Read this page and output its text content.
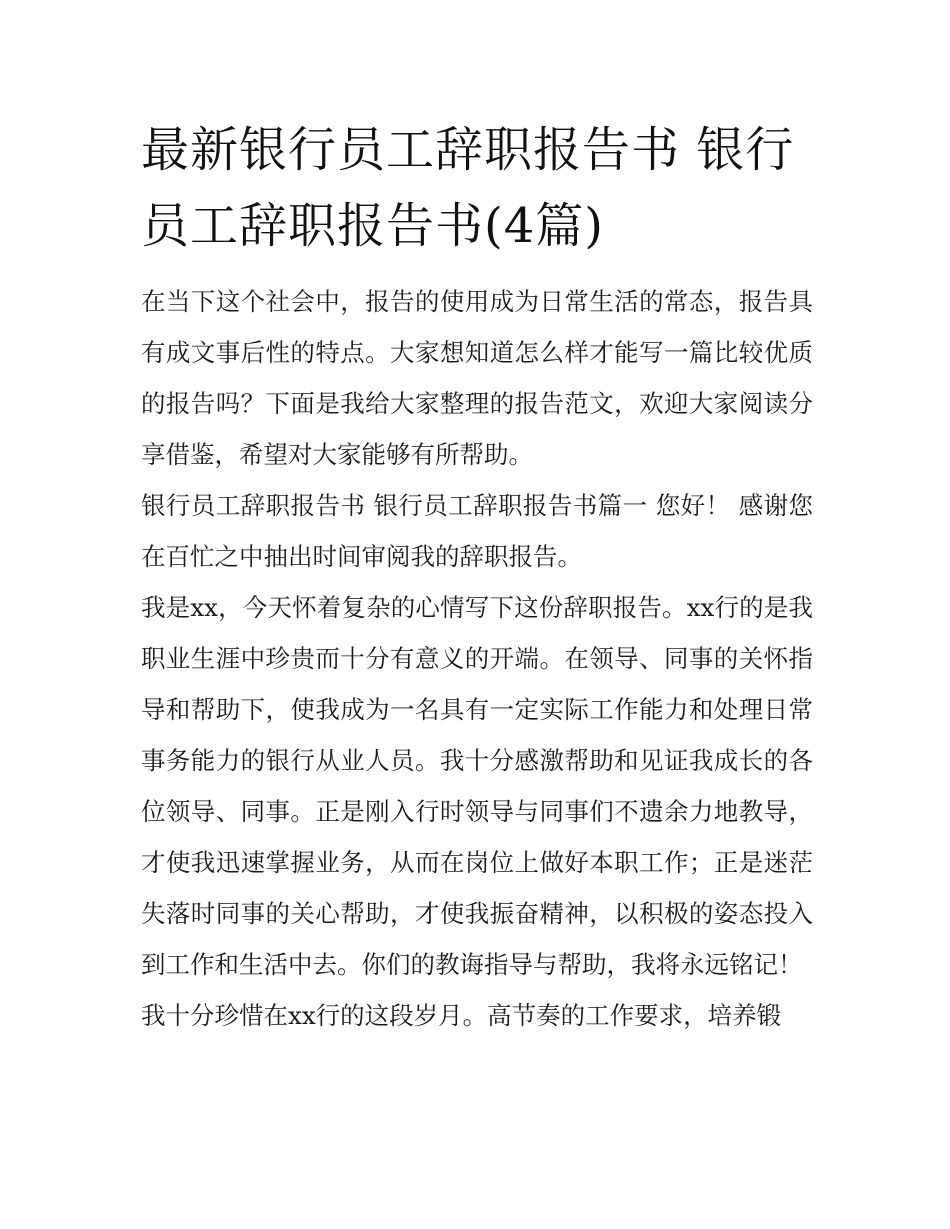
最新银行员工辞职报告书 银行员工辞职报告书(4篇)

在当下这个社会中，报告的使用成为日常生活的常态，报告具有成文事后性的特点。大家想知道怎么样才能写一篇比较优质的报告吗？下面是我给大家整理的报告范文，欢迎大家阅读分享借鉴，希望对大家能够有所帮助。

银行员工辞职报告书 银行员工辞职报告书篇一 您好！ 感谢您在百忙之中抽出时间审阅我的辞职报告。

我是xx，今天怀着复杂的心情写下这份辞职报告。xx行的是我职业生涯中珍贵而十分有意义的开端。在领导、同事的关怀指导和帮助下，使我成为一名具有一定实际工作能力和处理日常事务能力的银行从业人员。我十分感激帮助和见证我成长的各位领导、同事。正是刚入行时领导与同事们不遗余力地教导，才使我迅速掌握业务，从而在岗位上做好本职工作；正是迷茫失落时同事的关心帮助，才使我振奋精神，以积极的姿态投入到工作和生活中去。你们的教诲指导与帮助，我将永远铭记！

我十分珍惜在xx行的这段岁月。高节奏的工作要求，培养锻
